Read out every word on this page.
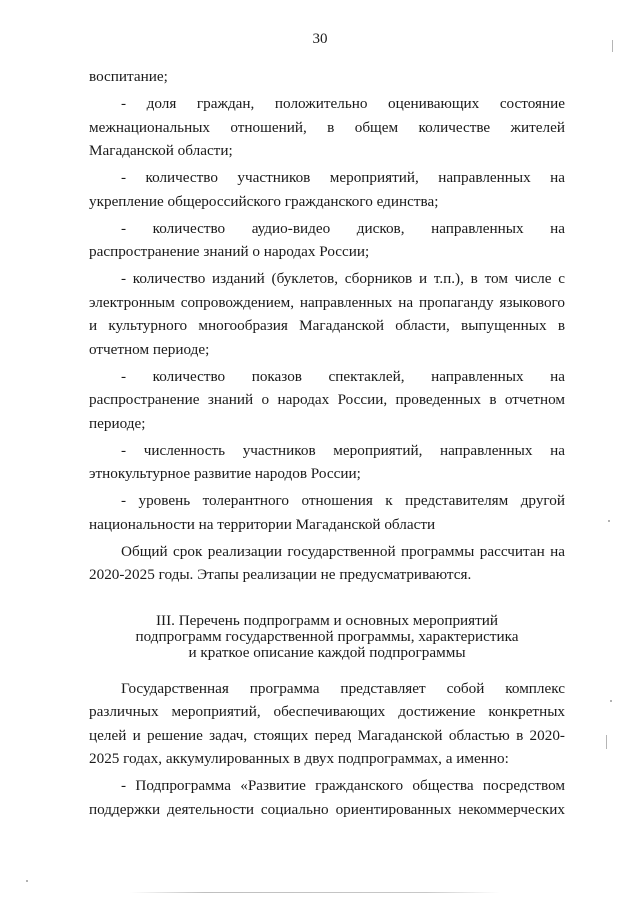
30

воспитание;

- доля граждан, положительно оценивающих состояние межнациональных отношений, в общем количестве жителей Магаданской области;

- количество участников мероприятий, направленных на укрепление общероссийского гражданского единства;

- количество аудио-видео дисков, направленных на распространение знаний о народах России;

- количество изданий (буклетов, сборников и т.п.), в том числе с электронным сопровождением, направленных на пропаганду языкового и культурного многообразия Магаданской области, выпущенных в отчетном периоде;

- количество показов спектаклей, направленных на распространение знаний о народах России, проведенных в отчетном периоде;

- численность участников мероприятий, направленных на этнокультурное развитие народов России;

- уровень толерантного отношения к представителям другой национальности на территории Магаданской области

Общий срок реализации государственной программы рассчитан на 2020-2025 годы. Этапы реализации не предусматриваются.

III. Перечень подпрограмм и основных мероприятий
подпрограмм государственной программы, характеристика
и краткое описание каждой подпрограммы

Государственная программа представляет собой комплекс различных мероприятий, обеспечивающих достижение конкретных целей и решение задач, стоящих перед Магаданской областью в 2020-2025 годах, аккумулированных в двух подпрограммах, а именно:

- Подпрограмма «Развитие гражданского общества посредством поддержки деятельности социально ориентированных некоммерческих
